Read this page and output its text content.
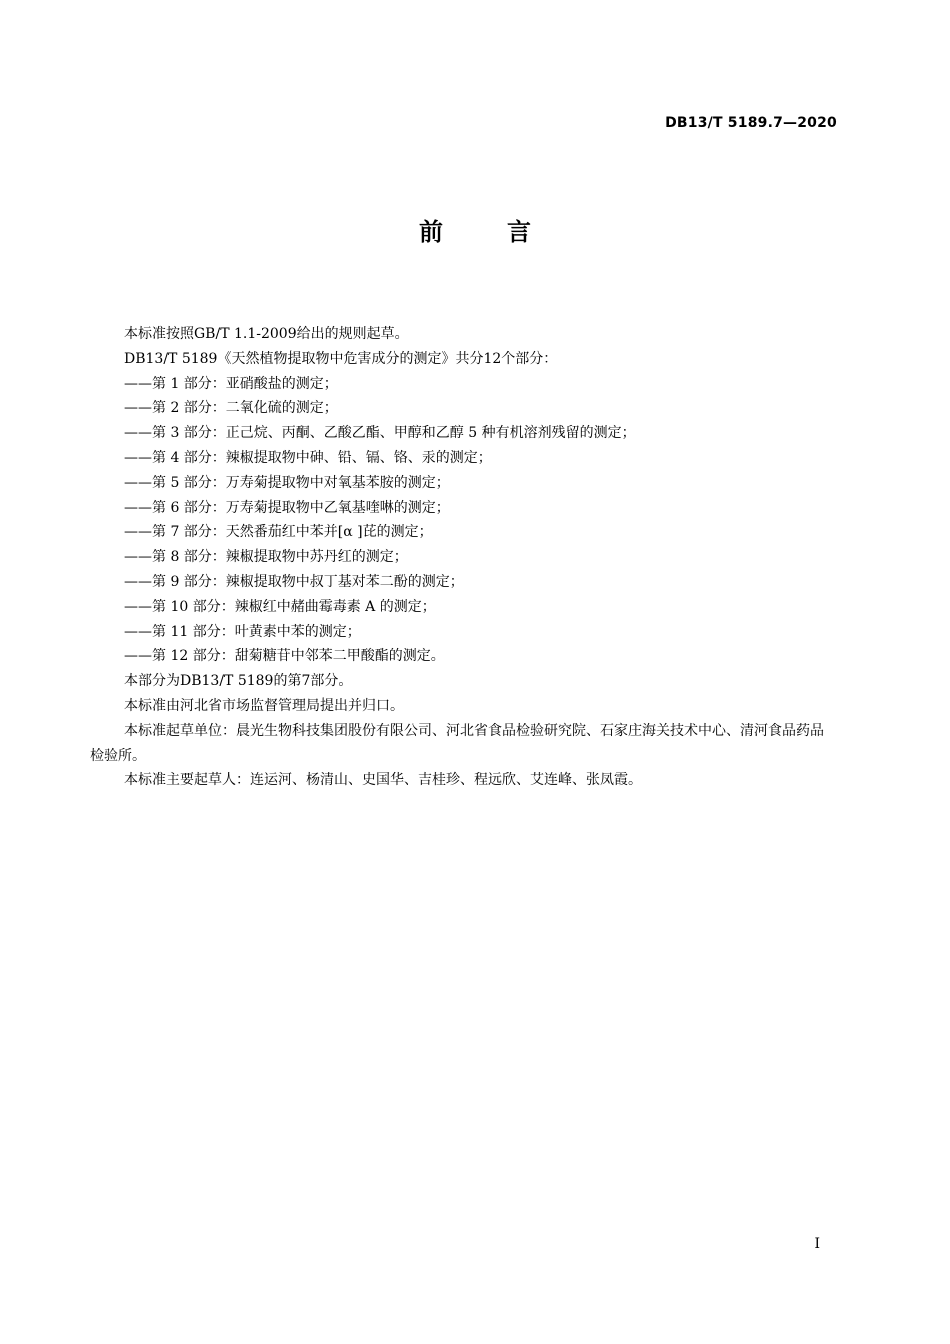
DB13/T 5189.7—2020
前　言

本标准按照GB/T 1.1-2009给出的规则起草。

DB13/T 5189《天然植物提取物中危害成分的测定》共分12个部分：

——第 1 部分：亚硝酸盐的测定；

——第 2 部分：二氧化硫的测定；

——第 3 部分：正己烷、丙酮、乙酸乙酯、甲醇和乙醇 5 种有机溶剂残留的测定；

——第 4 部分：辣椒提取物中砷、铅、镉、铬、汞的测定；

——第 5 部分：万寿菊提取物中对氧基苯胺的测定；

——第 6 部分：万寿菊提取物中乙氧基喹啉的测定；

——第 7 部分：天然番茄红中苯并[α ]芘的测定；

——第 8 部分：辣椒提取物中苏丹红的测定；

——第 9 部分：辣椒提取物中叔丁基对苯二酚的测定；

——第 10 部分：辣椒红中赭曲霉毒素 A 的测定；

——第 11 部分：叶黄素中苯的测定；

——第 12 部分：甜菊糖苷中邻苯二甲酸酯的测定。

本部分为DB13/T 5189的第7部分。

本标准由河北省市场监督管理局提出并归口。

本标准起草单位：晨光生物科技集团股份有限公司、河北省食品检验研究院、石家庄海关技术中心、清河食品药品检验所。

本标准主要起草人：连运河、杨清山、史国华、吉桂珍、程远欣、艾连峰、张凤霞。

I
